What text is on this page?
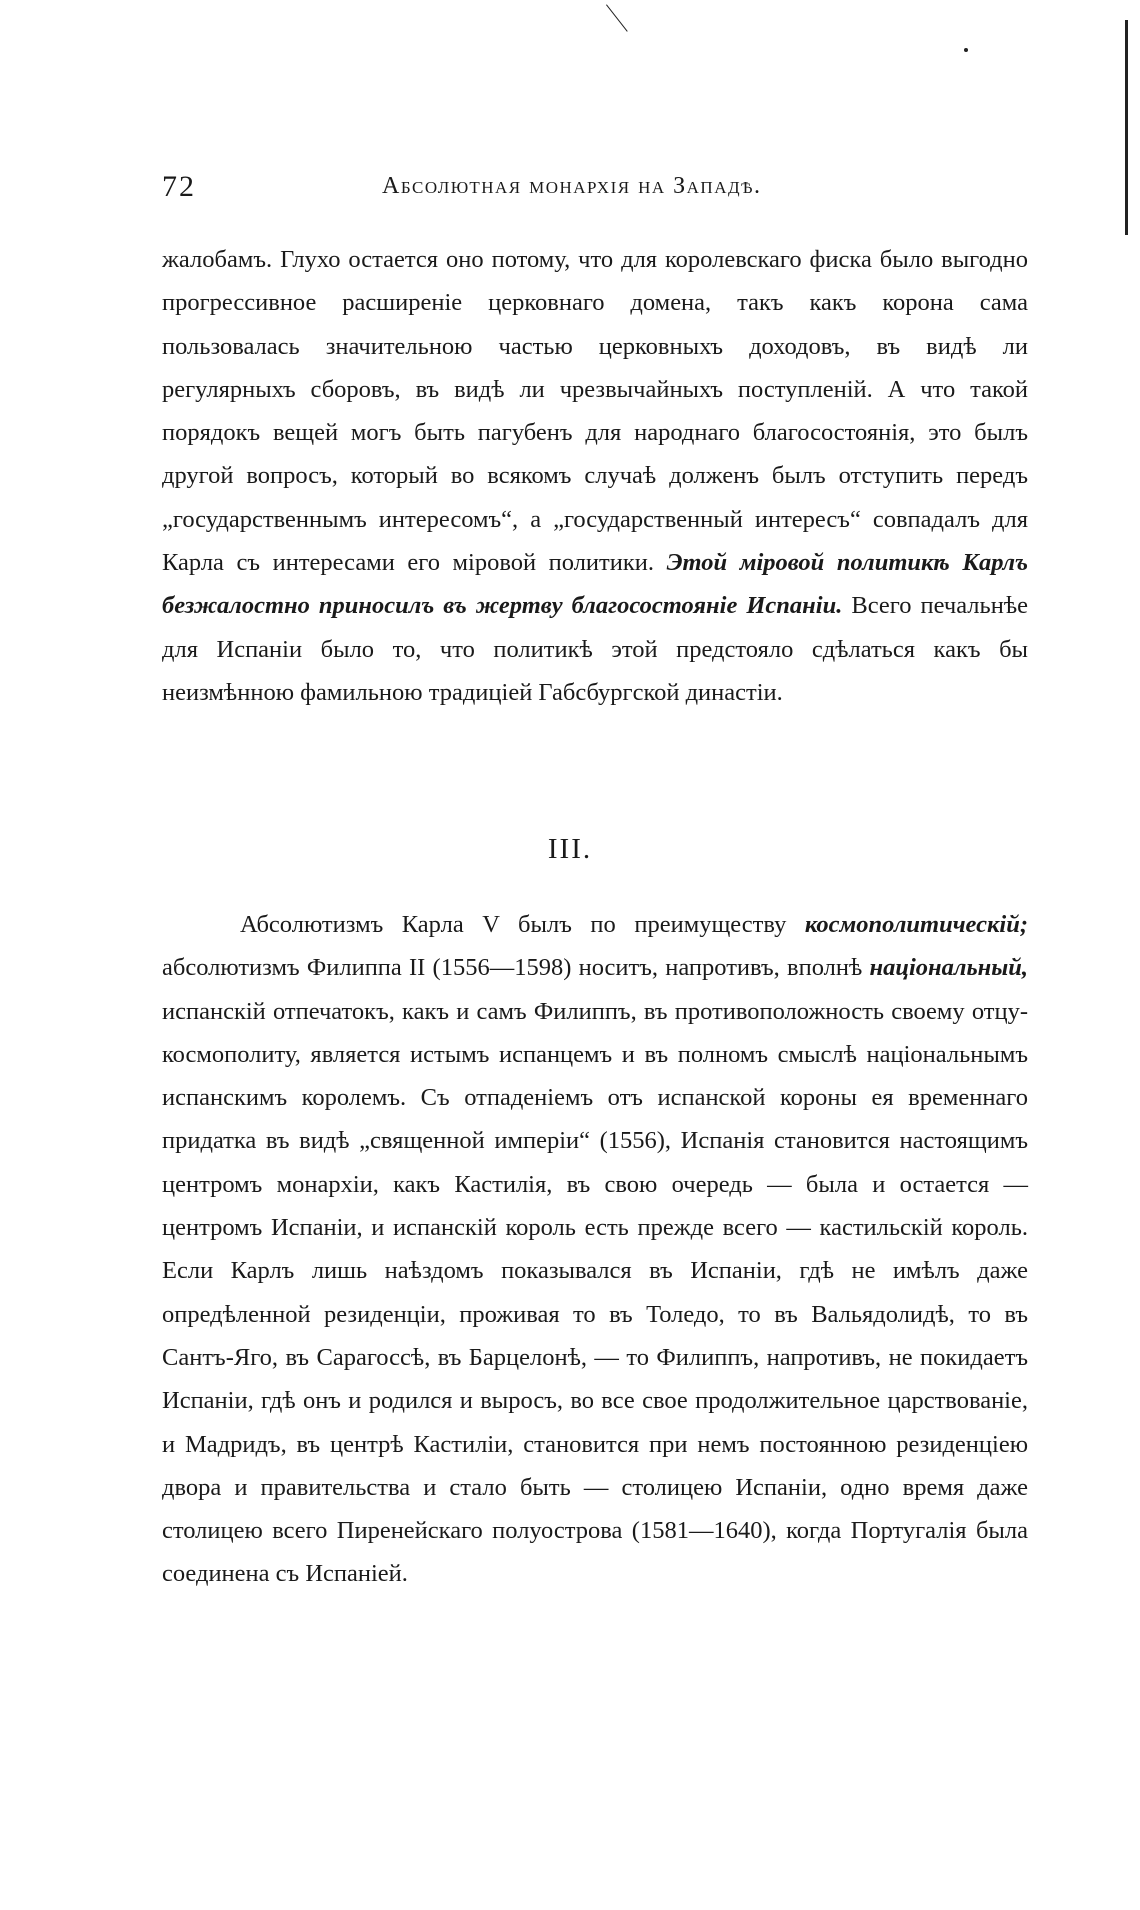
72	Абсолютная монархія на Западѣ.

жалобамъ. Глухо остается оно потому, что для королевскаго фиска было выгодно прогрессивное расширеніе церковнаго домена, такъ какъ корона сама пользовалась значительною частью церковныхъ доходовъ, въ видѣ ли регулярныхъ сборовъ, въ видѣ ли чрезвычайныхъ поступленій. А что такой порядокъ вещей могъ быть пагубенъ для народнаго благосостоянія, это былъ другой вопросъ, который во всякомъ случаѣ долженъ былъ отступить передъ „государственнымъ интересомъ“, а „государственный интересъ“ совпадалъ для Карла съ интересами его міровой политики. Этой міровой политикѣ Карлъ безжалостно приносилъ въ жертву благосостояніе Испаніи. Всего печальнѣе для Испаніи было то, что политикѣ этой предстояло сдѣлаться какъ бы неизмѣнною фамильною традиціей Габсбургской династіи.

III.

Абсолютизмъ Карла V былъ по преимуществу космополитическій; абсолютизмъ Филиппа II (1556—1598) носитъ, напротивъ, вполнѣ національный, испанскій отпечатокъ, какъ и самъ Филиппъ, въ противоположность своему отцу-космополиту, является истымъ испанцемъ и въ полномъ смыслѣ національнымъ испанскимъ королемъ. Съ отпаденіемъ отъ испанской короны ея временнаго придатка въ видѣ „священной имперіи“ (1556), Испанія становится настоящимъ центромъ монархіи, какъ Кастилія, въ свою очередь — была и остается — центромъ Испаніи, и испанскій король есть прежде всего — кастильскій король. Если Карлъ лишь наѣздомъ показывался въ Испаніи, гдѣ не имѣлъ даже опредѣленной резиденціи, проживая то въ Толедо, то въ Вальядолидѣ, то въ Сантъ-Яго, въ Сарагоссѣ, въ Барцелонѣ, — то Филиппъ, напротивъ, не покидаетъ Испаніи, гдѣ онъ и родился и выросъ, во все свое продолжительное царствованіе, и Мадридъ, въ центрѣ Кастиліи, становится при немъ постоянною резиденціею двора и правительства и стало быть — столицею Испаніи, одно время даже столицею всего Пиренейскаго полуострова (1581—1640), когда Португалія была соединена съ Испаніей.
